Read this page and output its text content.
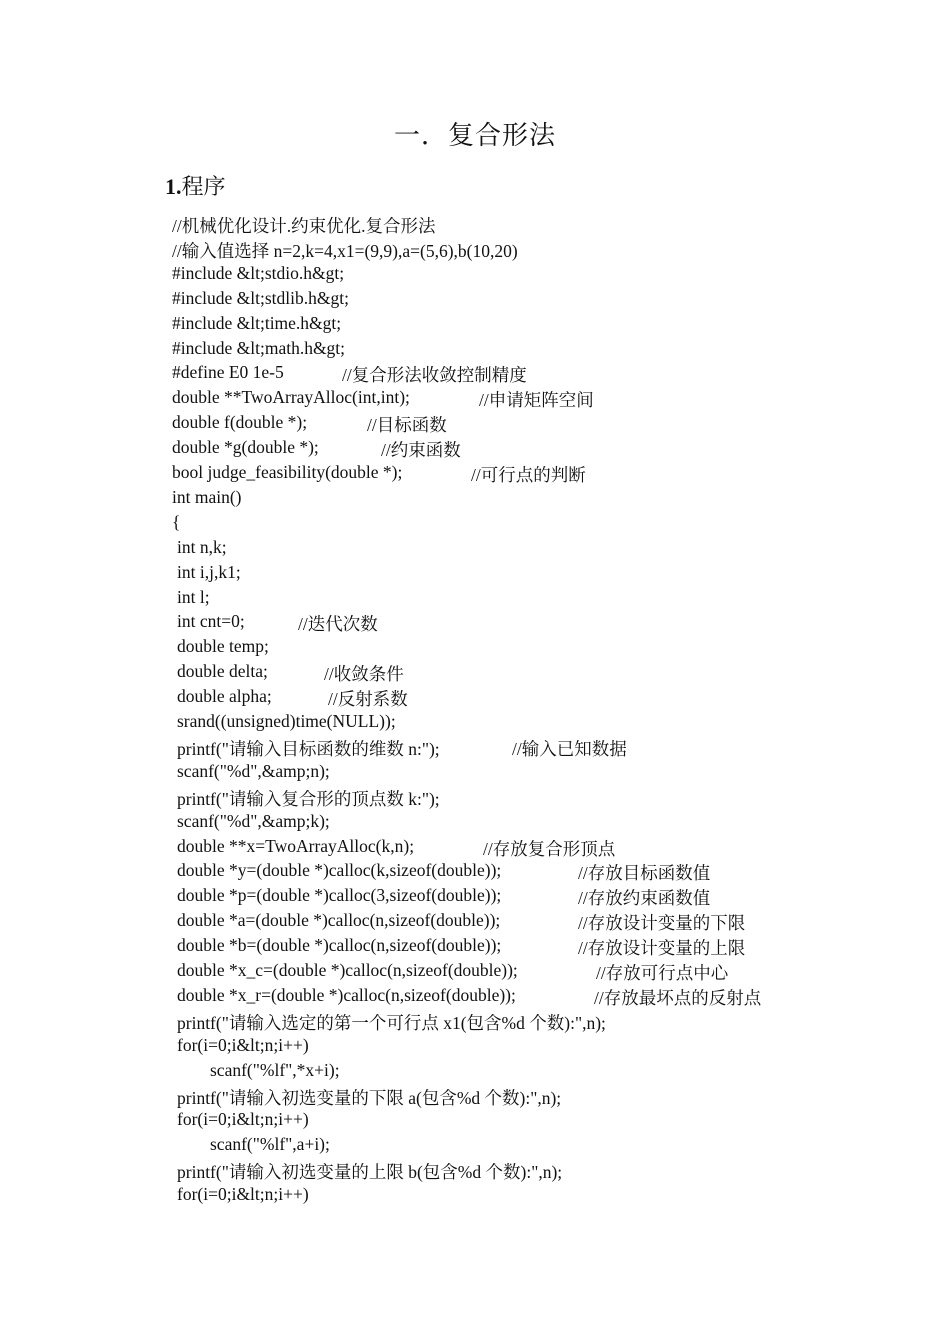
一．复合形法
1.程序
//机械优化设计.约束优化.复合形法
//输入值选择 n=2,k=4,x1=(9,9),a=(5,6),b(10,20)
#include &lt;stdio.h&gt;
#include &lt;stdlib.h&gt;
#include &lt;time.h&gt;
#include &lt;math.h&gt;
#define E0 1e-5	//复合形法收敛控制精度
double **TwoArrayAlloc(int,int);	//申请矩阵空间
double f(double *);	//目标函数
double *g(double *);	//约束函数
bool judge_feasibility(double *);	//可行点的判断
int main()
{
int n,k;
int i,j,k1;
int l;
int cnt=0;	//迭代次数
double temp;
double delta;	//收敛条件
double alpha;	//反射系数
srand((unsigned)time(NULL));
printf("请输入目标函数的维数 n:");	//输入已知数据
scanf("%d",&amp;n);
printf("请输入复合形的顶点数 k:");
scanf("%d",&amp;k);
double **x=TwoArrayAlloc(k,n);	//存放复合形顶点
double *y=(double *)calloc(k,sizeof(double));	//存放目标函数值
double *p=(double *)calloc(3,sizeof(double));	//存放约束函数值
double *a=(double *)calloc(n,sizeof(double));	//存放设计变量的下限
double *b=(double *)calloc(n,sizeof(double));	//存放设计变量的上限
double *x_c=(double *)calloc(n,sizeof(double));	//存放可行点中心
double *x_r=(double *)calloc(n,sizeof(double));	//存放最坏点的反射点
printf("请输入选定的第一个可行点 x1(包含%d 个数):",n);
for(i=0;i&lt;n;i++)
scanf("%lf",*x+i);
printf("请输入初选变量的下限 a(包含%d 个数):",n);
for(i=0;i&lt;n;i++)
scanf("%lf",a+i);
printf("请输入初选变量的上限 b(包含%d 个数):",n);
for(i=0;i&lt;n;i++)
